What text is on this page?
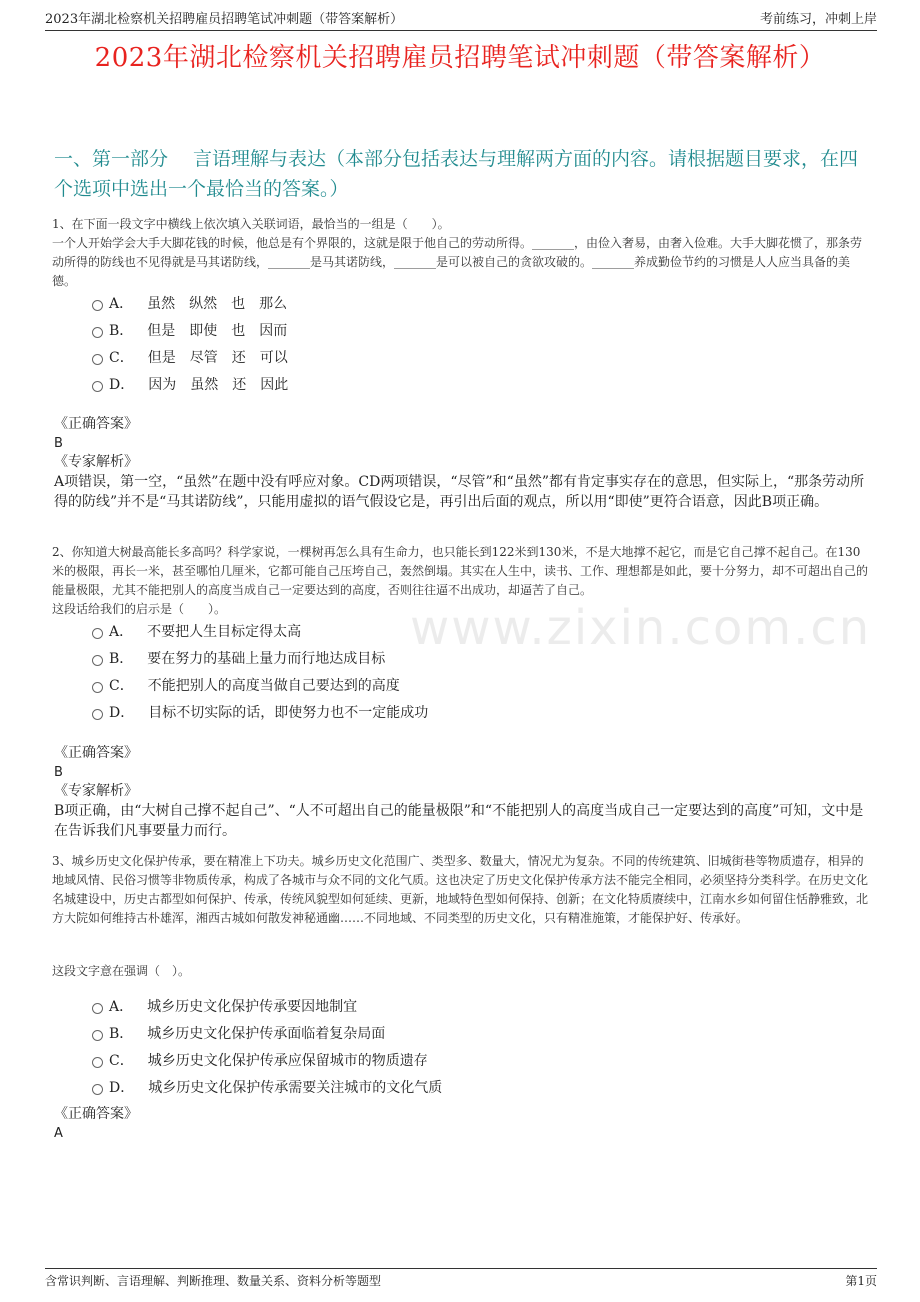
2023年湖北检察机关招聘雇员招聘笔试冲刺题（带答案解析）	考前练习，冲刺上岸
2023年湖北检察机关招聘雇员招聘笔试冲刺题（带答案解析）
一、第一部分　 言语理解与表达（本部分包括表达与理解两方面的内容。请根据题目要求，在四个选项中选出一个最恰当的答案。）
1、在下面一段文字中横线上依次填入关联词语，最恰当的一组是（　　）。
一个人开始学会大手大脚花钱的时候，他总是有个界限的，这就是限于他自己的劳动所得。_______，由俭入奢易，由奢入俭难。大手大脚花惯了，那条劳动所得的防线也不见得就是马其诺防线，_______是马其诺防线，_______是可以被自己的贪欲攻破的。_______养成勤俭节约的习惯是人人应当具备的美德。
A． 虽然　纵然　也　那么
B． 但是　即使　也　因而
C． 但是　尽管　还　可以
D． 因为　虽然　还　因此
《正确答案》
B
《专家解析》
A项错误，第一空，“虽然”在题中没有呼应对象。CD两项错误，“尽管”和“虽然”都有肯定事实存在的意思，但实际上，“那条劳动所得的防线”并不是“马其诺防线”，只能用虚拟的语气假设它是，再引出后面的观点，所以用“即使”更符合语意，因此B项正确。
2、你知道大树最高能长多高吗？科学家说，一棵树再怎么具有生命力，也只能长到122米到130米，不是大地撑不起它，而是它自己撑不起自己。在130米的极限，再长一米，甚至哪怕几厘米，它都可能自己压垮自己，轰然倒塌。其实在人生中，读书、工作、理想都是如此，要十分努力，却不可超出自己的能量极限，尤其不能把别人的高度当成自己一定要达到的高度，否则往往逼不出成功，却逼苦了自己。
这段话给我们的启示是（　　）。
A． 不要把人生目标定得太高
B． 要在努力的基础上量力而行地达成目标
C． 不能把别人的高度当做自己要达到的高度
D． 目标不切实际的话，即使努力也不一定能成功
《正确答案》
B
《专家解析》
B项正确，由“大树自己撑不起自己”、“人不可超出自己的能量极限”和“不能把别人的高度当成自己一定要达到的高度”可知，文中是在告诉我们凡事要量力而行。
3、城乡历史文化保护传承，要在精准上下功夫。城乡历史文化范围广、类型多、数量大，情况尤为复杂。不同的传统建筑、旧城街巷等物质遗存，相异的地域风情、民俗习惯等非物质传承，构成了各城市与众不同的文化气质。这也决定了历史文化保护传承方法不能完全相同，必须坚持分类科学。在历史文化名城建设中，历史古都型如何保护、传承，传统风貌型如何延续、更新，地域特色型如何保持、创新；在文化特质赓续中，江南水乡如何留住恬静雅致，北方大院如何维持古朴雄浑，湘西古城如何散发神秘通幽……不同地域、不同类型的历史文化，只有精准施策，才能保护好、传承好。
这段文字意在强调（　）。
A． 城乡历史文化保护传承要因地制宜
B． 城乡历史文化保护传承面临着复杂局面
C． 城乡历史文化保护传承应保留城市的物质遗存
D． 城乡历史文化保护传承需要关注城市的文化气质
《正确答案》
A
www.zixin.com.cn
含常识判断、言语理解、判断推理、数量关系、资料分析等题型	第1页
